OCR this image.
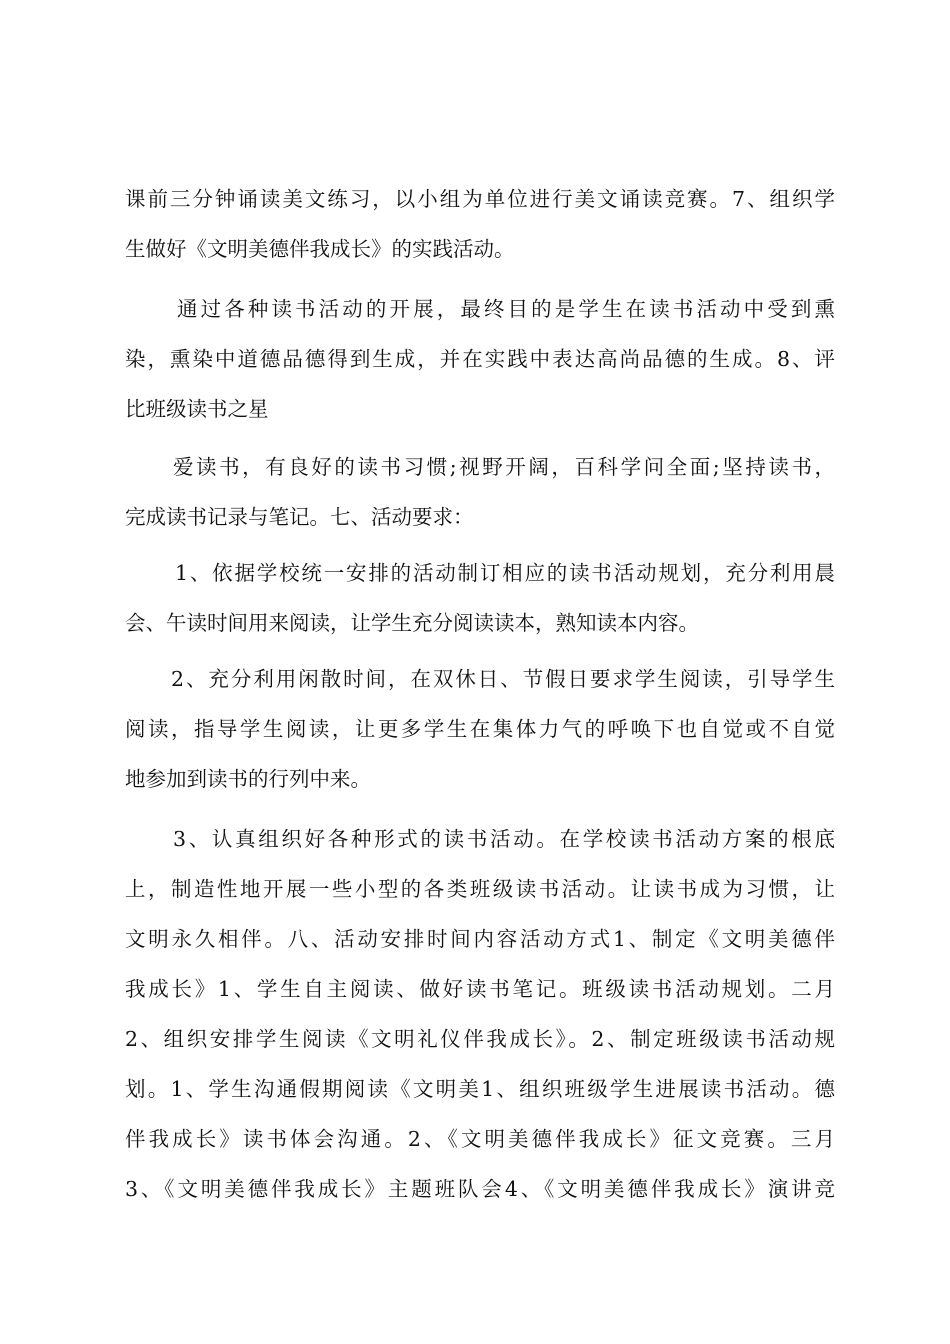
课前三分钟诵读美文练习，以小组为单位进行美文诵读竞赛。7、组织学
生做好《文明美德伴我成长》的实践活动。
通过各种读书活动的开展，最终目的是学生在读书活动中受到熏
染，熏染中道德品德得到生成，并在实践中表达高尚品德的生成。8、评
比班级读书之星
爱读书，有良好的读书习惯;视野开阔，百科学问全面;坚持读书，
完成读书记录与笔记。七、活动要求：
1、依据学校统一安排的活动制订相应的读书活动规划，充分利用晨
会、午读时间用来阅读，让学生充分阅读读本，熟知读本内容。
2、充分利用闲散时间，在双休日、节假日要求学生阅读，引导学生
阅读，指导学生阅读，让更多学生在集体力气的呼唤下也自觉或不自觉
地参加到读书的行列中来。
3、认真组织好各种形式的读书活动。在学校读书活动方案的根底
上，制造性地开展一些小型的各类班级读书活动。让读书成为习惯，让
文明永久相伴。八、活动安排时间内容活动方式1、制定《文明美德伴
我成长》1、学生自主阅读、做好读书笔记。班级读书活动规划。二月
2、组织安排学生阅读《文明礼仪伴我成长》。2、制定班级读书活动规
划。1、学生沟通假期阅读《文明美1、组织班级学生进展读书活动。德
伴我成长》读书体会沟通。2、《文明美德伴我成长》征文竞赛。三月
3、《文明美德伴我成长》主题班队会4、《文明美德伴我成长》演讲竞
